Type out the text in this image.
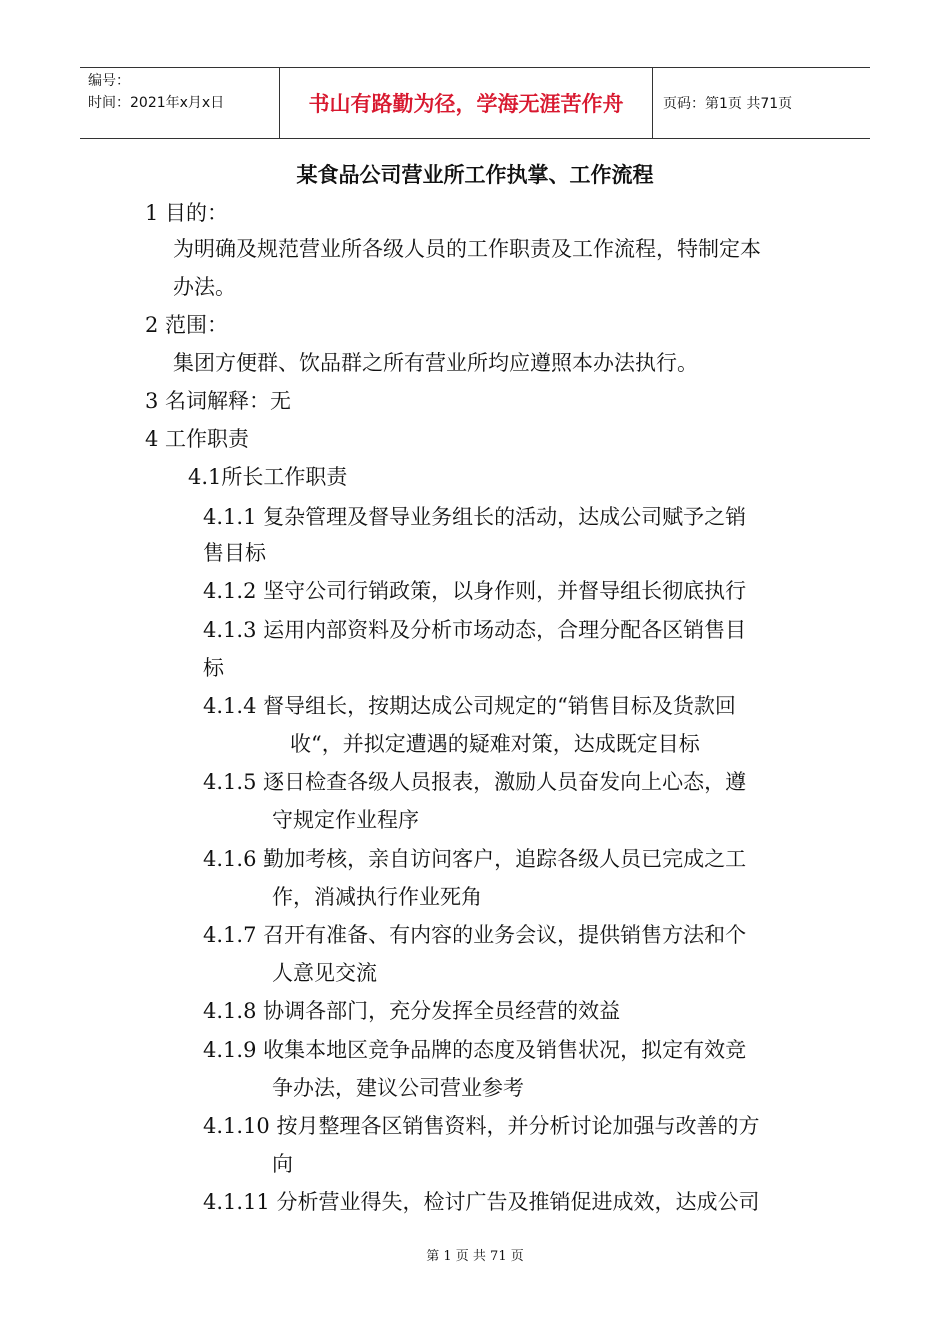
编号：
时间：2021年x月x日	书山有路勤为径，学海无涯苦作舟	页码：第1页 共71页
某食品公司营业所工作执掌、工作流程
1 目的：
为明确及规范营业所各级人员的工作职责及工作流程，特制定本
办法。
2 范围：
集团方便群、饮品群之所有营业所均应遵照本办法执行。
3 名词解释：无
4 工作职责
4.1所长工作职责
4.1.1 复杂管理及督导业务组长的活动，达成公司赋予之销
售目标
4.1.2 坚守公司行销政策，以身作则，并督导组长彻底执行
4.1.3 运用内部资料及分析市场动态，合理分配各区销售目
标
4.1.4 督导组长，按期达成公司规定的“销售目标及货款回
收“，并拟定遭遇的疑难对策，达成既定目标
4.1.5 逐日检查各级人员报表，激励人员奋发向上心态，遵
守规定作业程序
4.1.6 勤加考核，亲自访问客户，追踪各级人员已完成之工
作，消减执行作业死角
4.1.7 召开有准备、有内容的业务会议，提供销售方法和个
人意见交流
4.1.8 协调各部门，充分发挥全员经营的效益
4.1.9 收集本地区竞争品牌的态度及销售状况，拟定有效竞
争办法，建议公司营业参考
4.1.10 按月整理各区销售资料，并分析讨论加强与改善的方
向
4.1.11 分析营业得失，检讨广告及推销促进成效，达成公司
第 1 页 共 71 页
